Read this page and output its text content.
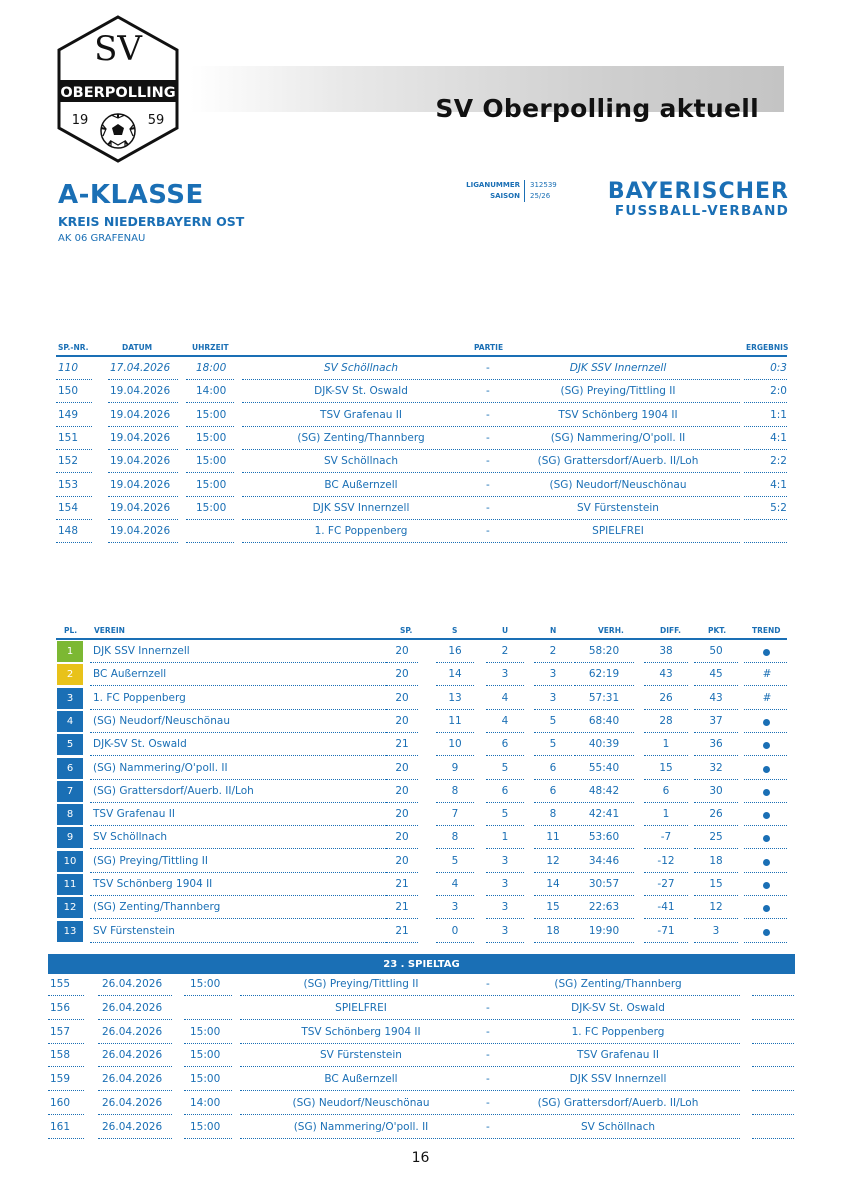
SV
OBERPOLLING
19	59	SV Oberpolling aktuell
A-KLASSE
KREIS NIEDERBAYERN OST
AK 06 GRAFENAU
LIGANUMMER 312539
SAISON 25/26	BAYERISCHER
FUSSBALL-VERBAND
SP.-NR.	DATUM	UHRZEIT	PARTIE	ERGEBNIS
110	17.04.2026 18:00	SV Schöllnach	-	DJK SSV Innernzell	0:3
150	19.04.2026 14:00	DJK-SV St. Oswald	-	(SG) Preying/Tittling II	2:0
149	19.04.2026 15:00	TSV Grafenau II	-	TSV Schönberg 1904 II	1:1
151	19.04.2026 15:00	(SG) Zenting/Thannberg	-	(SG) Nammering/O'poll. II	4:1
152	19.04.2026 15:00	SV Schöllnach	-	(SG) Grattersdorf/Auerb. II/Loh	2:2
153	19.04.2026 15:00	BC Außernzell	-	(SG) Neudorf/Neuschönau	4:1
154	19.04.2026 15:00	DJK SSV Innernzell	-	SV Fürstenstein	5:2
148	19.04.2026	1. FC Poppenberg	-	SPIELFREI
PL. VEREIN	SP.	S	U	N	VERH.	DIFF.	PKT.	TREND
1 DJK SSV Innernzell	20	16	2	2	58:20	38	50
2 BC Außernzell	20	14	3	3	62:19	43	45	#
3 1. FC Poppenberg	20	13	4	3	57:31	26	43	#
4 (SG) Neudorf/Neuschönau	20	11	4	5	68:40	28	37
5 DJK-SV St. Oswald	21	10	6	5	40:39	1	36
6 (SG) Nammering/O'poll. II	20	9	5	6	55:40	15	32
7 (SG) Grattersdorf/Auerb. II/Loh	20	8	6	6	48:42	6	30
8 TSV Grafenau II	20	7	5	8	42:41	1	26
9 SV Schöllnach	20	8	1	11	53:60	-7	25
10 (SG) Preying/Tittling II	20	5	3	12	34:46	-12	18
11 TSV Schönberg 1904 II	21	4	3	14	30:57	-27	15
12 (SG) Zenting/Thannberg	21	3	3	15	22:63	-41	12
13 SV Fürstenstein	21	0	3	18	19:90	-71	3
23 . SPIELTAG
155	26.04.2026	15:00	(SG) Preying/Tittling II	-	(SG) Zenting/Thannberg
156	26.04.2026	SPIELFREI	-	DJK-SV St. Oswald
157	26.04.2026	15:00	TSV Schönberg 1904 II	-	1. FC Poppenberg
158	26.04.2026	15:00	SV Fürstenstein	-	TSV Grafenau II
159	26.04.2026	15:00	BC Außernzell	-	DJK SSV Innernzell
160	26.04.2026	14:00	(SG) Neudorf/Neuschönau	-	(SG) Grattersdorf/Auerb. II/Loh
161	26.04.2026	15:00	(SG) Nammering/O'poll. II	-	SV Schöllnach
16
